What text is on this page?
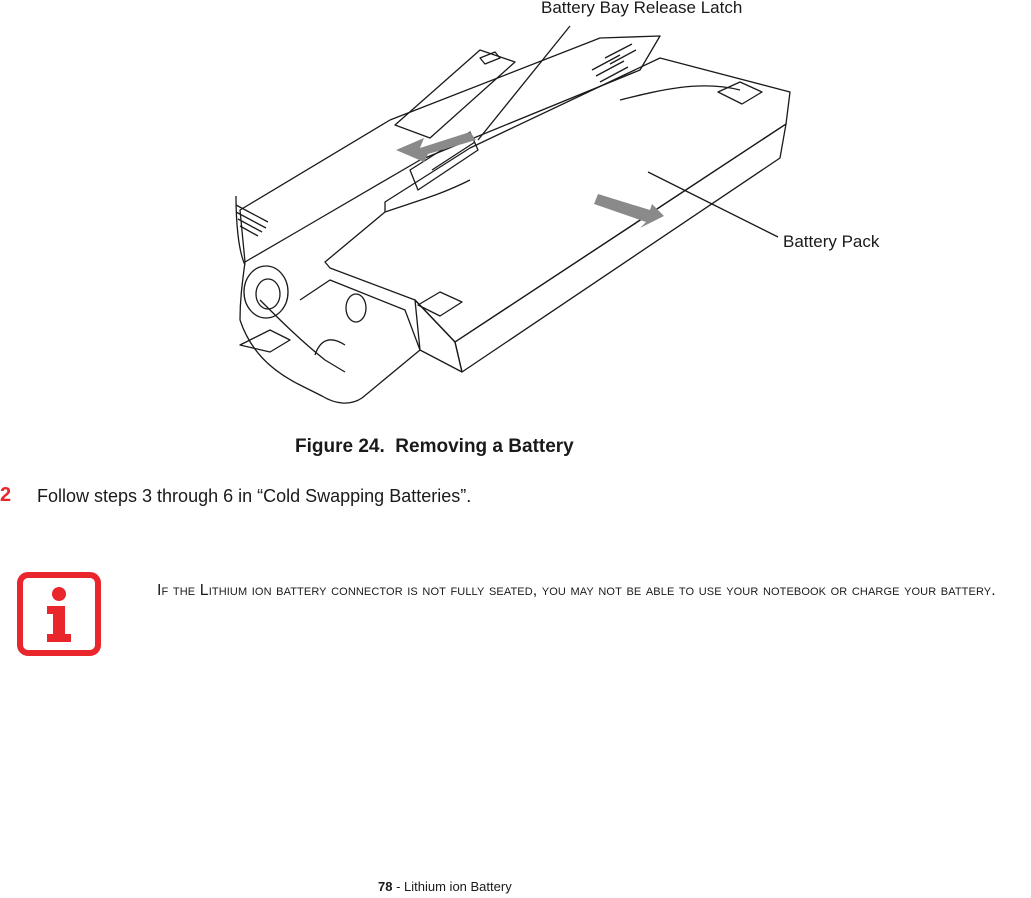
Battery Bay Release Latch
Battery Pack
Figure 24.  Removing a Battery
2 Follow steps 3 through 6 in “Cold Swapping Batteries”.
If the Lithium ion battery connector is not fully seated, you may not be able to use your notebook or charge your battery.
78 - Lithium ion Battery
